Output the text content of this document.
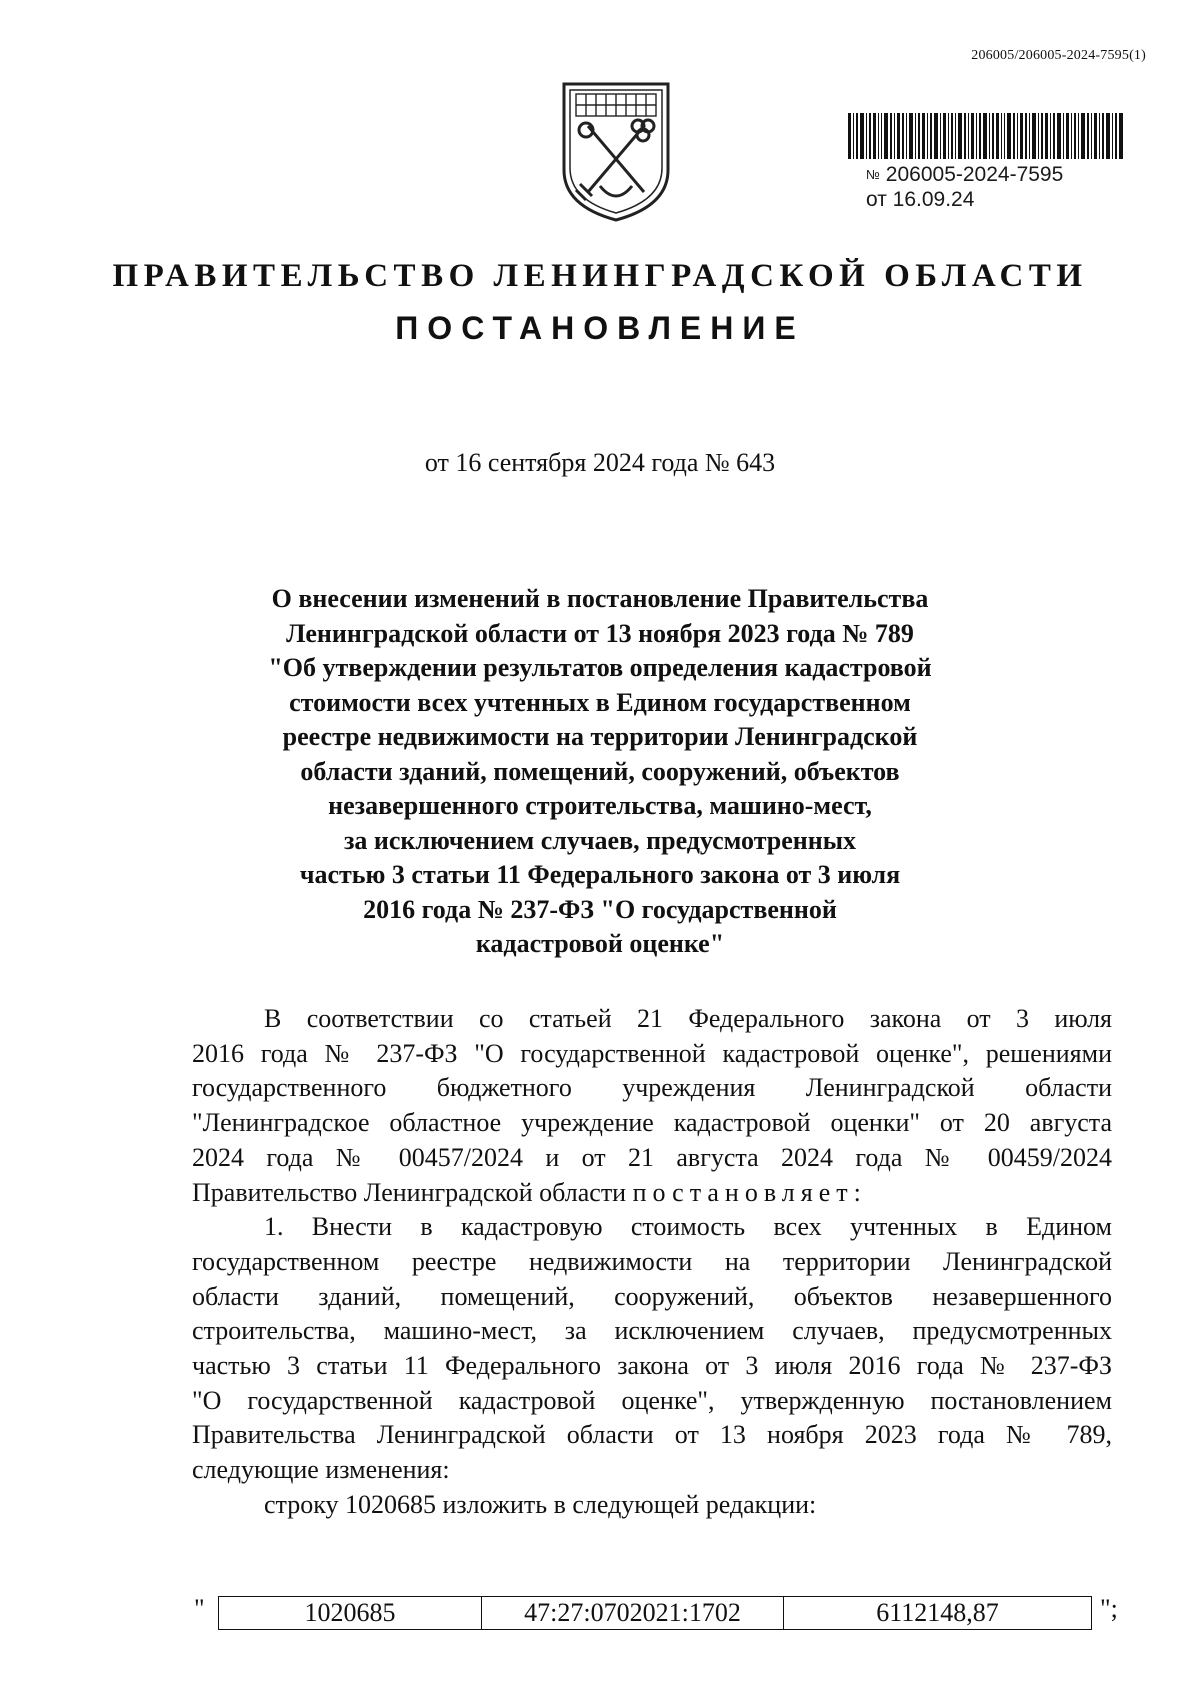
206005/206005-2024-7595(1)
№ 206005-2024-7595
от 16.09.24
ПРАВИТЕЛЬСТВО ЛЕНИНГРАДСКОЙ ОБЛАСТИ
ПОСТАНОВЛЕНИЕ
от 16 сентября 2024 года № 643
О внесении изменений в постановление Правительства
Ленинградской области от 13 ноября 2023 года № 789
"Об утверждении результатов определения кадастровой
стоимости всех учтенных в Едином государственном
реестре недвижимости на территории Ленинградской
области зданий, помещений, сооружений, объектов
незавершенного строительства, машино-мест,
за исключением случаев, предусмотренных
частью 3 статьи 11 Федерального закона от 3 июля
2016 года № 237-ФЗ "О государственной
кадастровой оценке"
В соответствии со статьей 21 Федерального закона от 3 июля
2016 года № 237-ФЗ "О государственной кадастровой оценке", решениями
государственного бюджетного учреждения Ленинградской области
"Ленинградское областное учреждение кадастровой оценки" от 20 августа
2024 года № 00457/2024 и от 21 августа 2024 года № 00459/2024
Правительство Ленинградской области постановляет:
1. Внести в кадастровую стоимость всех учтенных в Едином
государственном реестре недвижимости на территории Ленинградской
области зданий, помещений, сооружений, объектов незавершенного
строительства, машино-мест, за исключением случаев, предусмотренных
частью 3 статьи 11 Федерального закона от 3 июля 2016 года № 237-ФЗ
"О государственной кадастровой оценке", утвержденную постановлением
Правительства Ленинградской области от 13 ноября 2023 года № 789,
следующие изменения:
строку 1020685 изложить в следующей редакции:
"	1020685	47:27:0702021:1702	6112148,87	";
